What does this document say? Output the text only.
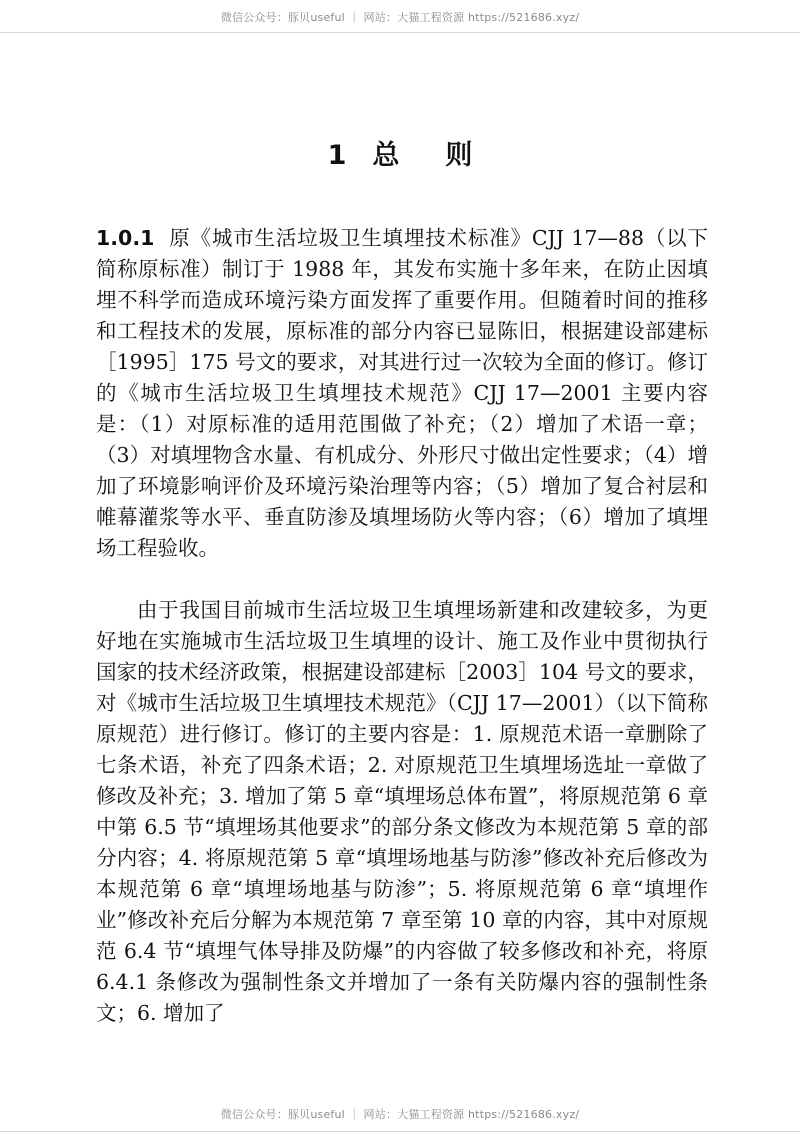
微信公众号：豚贝useful ｜ 网站：大猫工程资源 https://521686.xyz/
1 总 则
1.0.1 原《城市生活垃圾卫生填埋技术标准》CJJ 17—88（以下简称原标准）制订于 1988 年，其发布实施十多年来，在防止因填埋不科学而造成环境污染方面发挥了重要作用。但随着时间的推移和工程技术的发展，原标准的部分内容已显陈旧，根据建设部建标［1995］175 号文的要求，对其进行过一次较为全面的修订。修订的《城市生活垃圾卫生填埋技术规范》CJJ 17—2001 主要内容是：（1）对原标准的适用范围做了补充；（2）增加了术语一章；（3）对填埋物含水量、有机成分、外形尺寸做出定性要求；（4）增加了环境影响评价及环境污染治理等内容；（5）增加了复合衬层和帷幕灌浆等水平、垂直防渗及填埋场防火等内容；（6）增加了填埋场工程验收。
由于我国目前城市生活垃圾卫生填埋场新建和改建较多，为更好地在实施城市生活垃圾卫生填埋的设计、施工及作业中贯彻执行国家的技术经济政策，根据建设部建标［2003］104 号文的要求，对《城市生活垃圾卫生填埋技术规范》（CJJ 17—2001）（以下简称原规范）进行修订。修订的主要内容是：1. 原规范术语一章删除了七条术语，补充了四条术语；2. 对原规范卫生填埋场选址一章做了修改及补充；3. 增加了第 5 章“填埋场总体布置”，将原规范第 6 章中第 6.5 节“填埋场其他要求”的部分条文修改为本规范第 5 章的部分内容；4. 将原规范第 5 章“填埋场地基与防渗”修改补充后修改为本规范第 6 章“填埋场地基与防渗”；5. 将原规范第 6 章“填埋作业”修改补充后分解为本规范第 7 章至第 10 章的内容，其中对原规范 6.4 节“填埋气体导排及防爆”的内容做了较多修改和补充，将原 6.4.1 条修改为强制性条文并增加了一条有关防爆内容的强制性条文；6. 增加了
微信公众号：豚贝useful ｜ 网站：大猫工程资源 https://521686.xyz/
